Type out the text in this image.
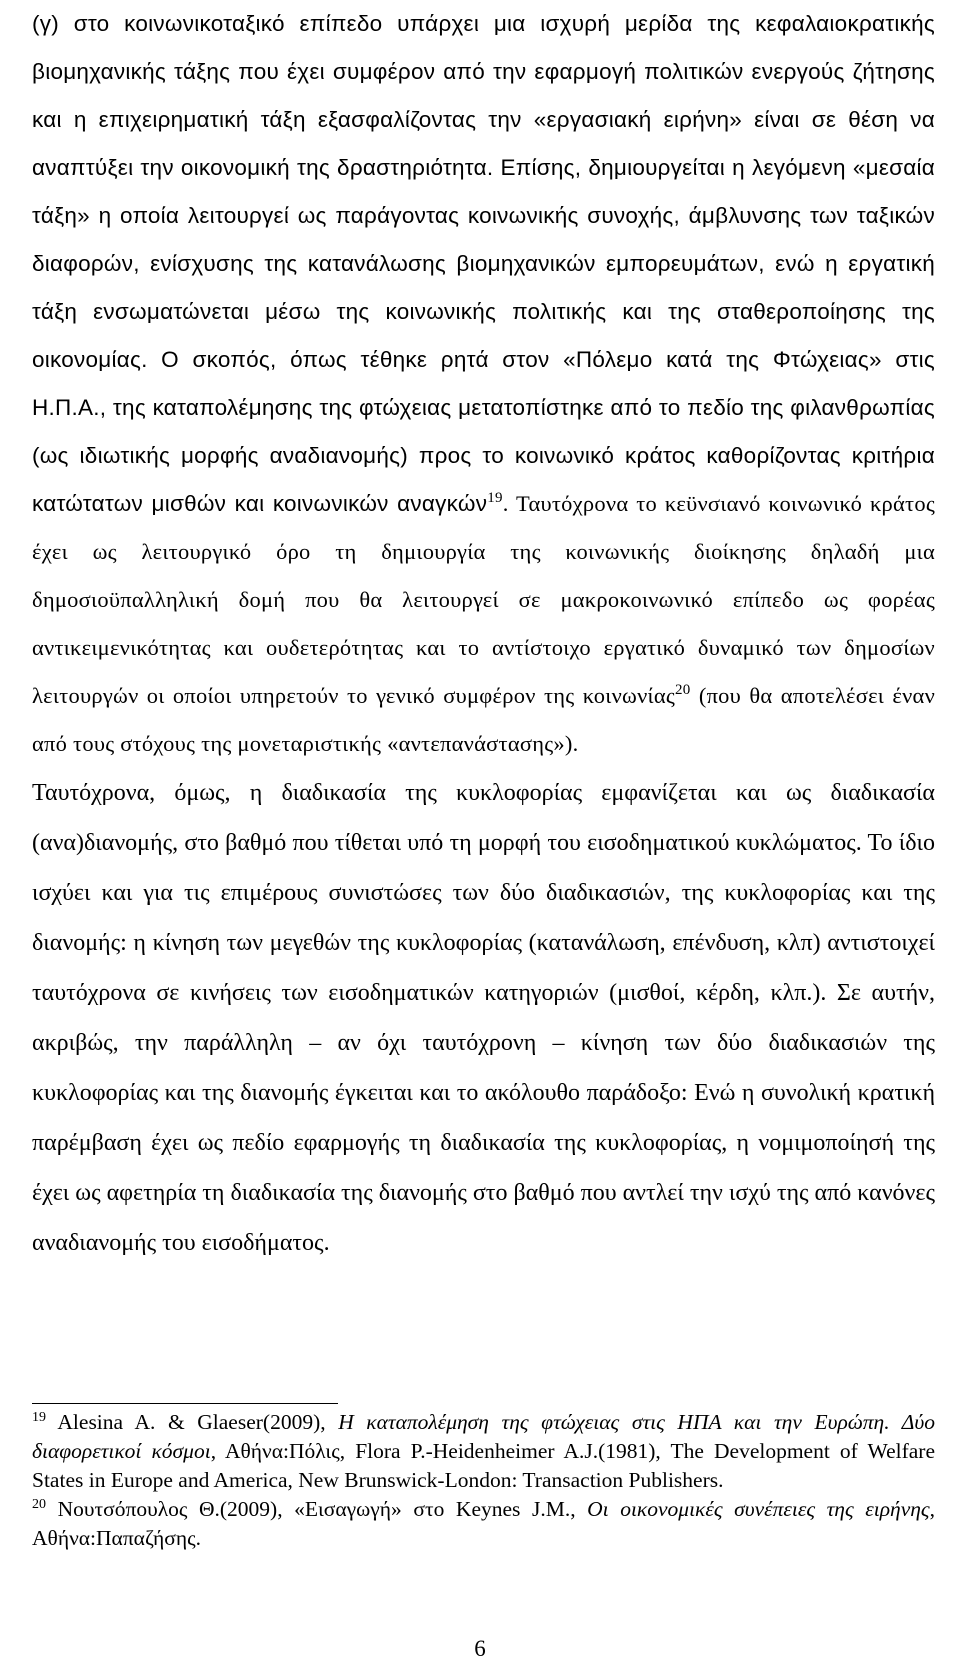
(γ) στο κοινωνικοταξικό επίπεδο υπάρχει μια ισχυρή μερίδα της κεφαλαιοκρατικής βιομηχανικής τάξης που έχει συμφέρον από την εφαρμογή πολιτικών ενεργούς ζήτησης και η επιχειρηματική τάξη εξασφαλίζοντας την «εργασιακή ειρήνη» είναι σε θέση να αναπτύξει την οικονομική της δραστηριότητα. Επίσης, δημιουργείται η λεγόμενη «μεσαία τάξη» η οποία λειτουργεί ως παράγοντας κοινωνικής συνοχής, άμβλυνσης των ταξικών διαφορών, ενίσχυσης της κατανάλωσης βιομηχανικών εμπορευμάτων, ενώ η εργατική τάξη ενσωματώνεται μέσω της κοινωνικής πολιτικής και της σταθεροποίησης της οικονομίας. Ο σκοπός, όπως τέθηκε ρητά στον «Πόλεμο κατά της Φτώχειας» στις Η.Π.Α., της καταπολέμησης της φτώχειας μετατοπίστηκε από το πεδίο της φιλανθρωπίας (ως ιδιωτικής μορφής αναδιανομής) προς το κοινωνικό κράτος καθορίζοντας κριτήρια κατώτατων μισθών και κοινωνικών αναγκών$^{19}$. Ταυτόχρονα το κεϋνσιανό κοινωνικό κράτος έχει ως λειτουργικό όρο τη δημιουργία της κοινωνικής διοίκησης δηλαδή μια δημοσιοϋπαλληλική δομή που θα λειτουργεί σε μακροκοινωνικό επίπεδο ως φορέας αντικειμενικότητας και ουδετερότητας και το αντίστοιχο εργατικό δυναμικό των δημοσίων λειτουργών οι οποίοι υπηρετούν το γενικό συμφέρον της κοινωνίας$^{20}$ (που θα αποτελέσει έναν από τους στόχους της μονεταριστικής «αντεπανάστασης»).

Ταυτόχρονα, όμως, η διαδικασία της κυκλοφορίας εμφανίζεται και ως διαδικασία (ανα)διανομής, στο βαθμό που τίθεται υπό τη μορφή του εισοδηματικού κυκλώματος. Το ίδιο ισχύει και για τις επιμέρους συνιστώσες των δύο διαδικασιών, της κυκλοφορίας και της διανομής: η κίνηση των μεγεθών της κυκλοφορίας (κατανάλωση, επένδυση, κλπ) αντιστοιχεί ταυτόχρονα σε κινήσεις των εισοδηματικών κατηγοριών (μισθοί, κέρδη, κλπ.). Σε αυτήν, ακριβώς, την παράλληλη – αν όχι ταυτόχρονη – κίνηση των δύο διαδικασιών της κυκλοφορίας και της διανομής έγκειται και το ακόλουθο παράδοξο: Ενώ η συνολική κρατική παρέμβαση έχει ως πεδίο εφαρμογής τη διαδικασία της κυκλοφορίας, η νομιμοποίησή της έχει ως αφετηρία τη διαδικασία της διανομής στο βαθμό που αντλεί την ισχύ της από κανόνες αναδιανομής του εισοδήματος.

$^{19}$ Alesina A. & Glaeser(2009), Η καταπολέμηση της φτώχειας στις ΗΠΑ και την Ευρώπη. Δύο διαφορετικοί κόσμοι, Αθήνα:Πόλις, Flora P.-Heidenheimer A.J.(1981), The Development of Welfare States in Europe and America, New Brunswick-London: Transaction Publishers.

$^{20}$ Νουτσόπουλος Θ.(2009), «Εισαγωγή» στο Keynes J.M., Οι οικονομικές συνέπειες της ειρήνης, Αθήνα:Παπαζήσης.

6
